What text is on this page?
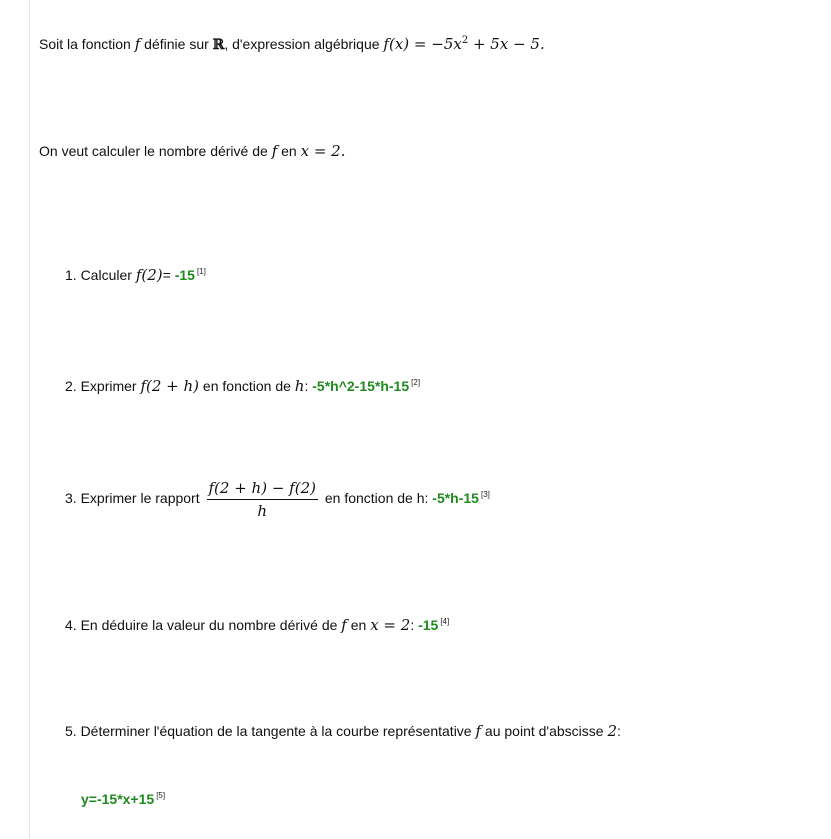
Soit la fonction f définie sur ℝ, d'expression algébrique $f(x) = -5x^2 + 5x - 5$.
On veut calculer le nombre dérivé de f en x = 2.
1. Calculer f(2)= -15 [1]
2. Exprimer f(2 + h) en fonction de h: -5*h^2-15*h-15 [2]
3. Exprimer le rapport $\frac{f(2 + h) - f(2)}{h}$ en fonction de h: -5*h-15 [3]
4. En déduire la valeur du nombre dérivé de f en x = 2: -15 [4]
5. Déterminer l'équation de la tangente à la courbe représentative f au point d'abscisse 2:
y=-15*x+15 [5]
